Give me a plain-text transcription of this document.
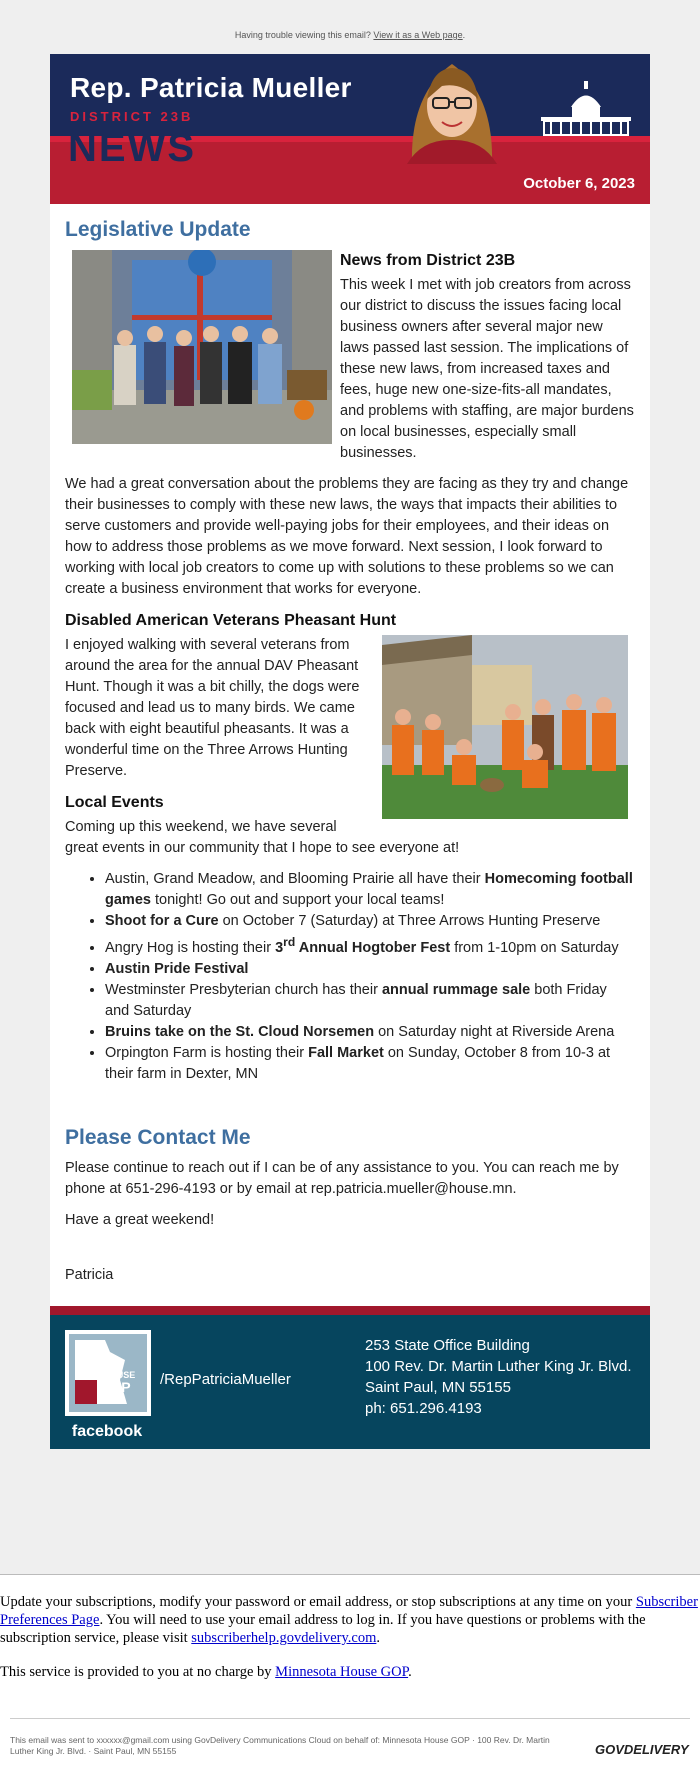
Having trouble viewing this email? View it as a Web page.
Rep. Patricia Mueller
DISTRICT 23B
NEWS
October 6, 2023
Legislative Update
News from District 23B

This week I met with job creators from across our district to discuss the issues facing local business owners after several major new laws passed last session. The implications of these new laws, from increased taxes and fees, huge new one-size-fits-all mandates, and problems with staffing, are major burdens on local businesses, especially small businesses.

We had a great conversation about the problems they are facing as they try and change their businesses to comply with these new laws, the ways that impacts their abilities to serve customers and provide well-paying jobs for their employees, and their ideas on how to address those problems as we move forward. Next session, I look forward to working with local job creators to come up with solutions to these problems so we can create a business environment that works for everyone.

Disabled American Veterans Pheasant Hunt

I enjoyed walking with several veterans from around the area for the annual DAV Pheasant Hunt. Though it was a bit chilly, the dogs were focused and lead us to many birds. We came back with eight beautiful pheasants. It was a wonderful time on the Three Arrows Hunting Preserve.

Local Events

Coming up this weekend, we have several great events in our community that I hope to see everyone at!

• Austin, Grand Meadow, and Blooming Prairie all have their Homecoming football games tonight! Go out and support your local teams!
• Shoot for a Cure on October 7 (Saturday) at Three Arrows Hunting Preserve
• Angry Hog is hosting their 3rd Annual Hogtober Fest from 1-10pm on Saturday
• Austin Pride Festival
• Westminster Presbyterian church has their annual rummage sale both Friday and Saturday
• Bruins take on the St. Cloud Norsemen on Saturday night at Riverside Arena
• Orpington Farm is hosting their Fall Market on Sunday, October 8 from 10-3 at their farm in Dexter, MN
Please Contact Me

Please continue to reach out if I can be of any assistance to you. You can reach me by phone at 651-296-4193 or by email at rep.patricia.mueller@house.mn.

Have a great weekend!

Patricia

MN HOUSE
GOP
facebook
/RepPatriciaMueller
253 State Office Building
100 Rev. Dr. Martin Luther King Jr. Blvd.
Saint Paul, MN 55155
ph: 651.296.4193

Update your subscriptions, modify your password or email address, or stop subscriptions at any time on your Subscriber Preferences Page. You will need to use your email address to log in. If you have questions or problems with the subscription service, please visit subscriberhelp.govdelivery.com.

This service is provided to you at no charge by Minnesota House GOP.

This email was sent to xxxxxx@gmail.com using GovDelivery Communications Cloud on behalf of: Minnesota House GOP · 100 Rev. Dr. Martin Luther King Jr. Blvd. · Saint Paul, MN 55155	GOVDELIVERY
